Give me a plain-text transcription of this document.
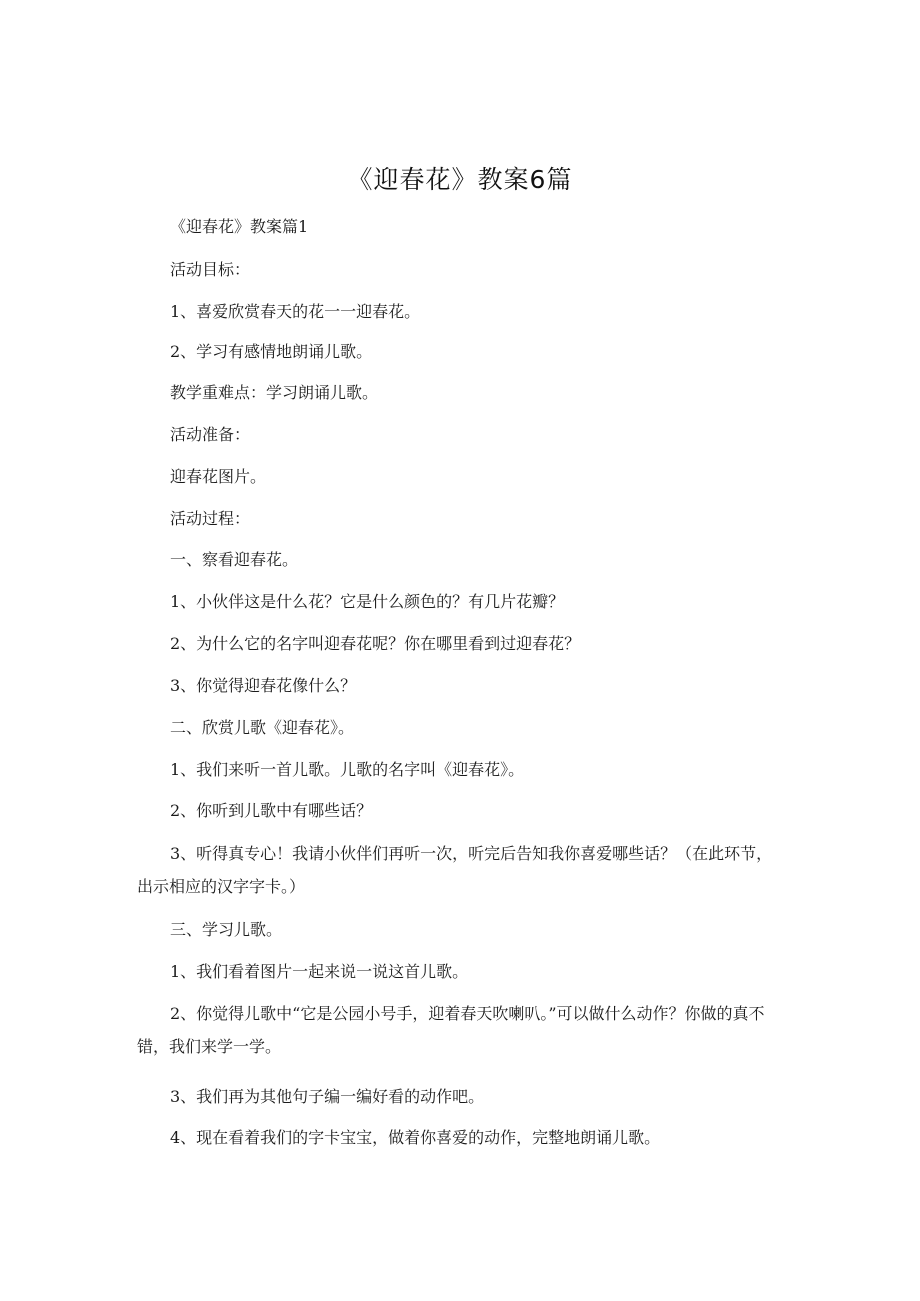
《迎春花》教案6篇

《迎春花》教案篇1

活动目标：

1、喜爱欣赏春天的花一一迎春花。

2、学习有感情地朗诵儿歌。

教学重难点：学习朗诵儿歌。

活动准备：

迎春花图片。

活动过程：

一、察看迎春花。

1、小伙伴这是什么花？它是什么颜色的？有几片花瓣？

2、为什么它的名字叫迎春花呢？你在哪里看到过迎春花？

3、你觉得迎春花像什么？

二、欣赏儿歌《迎春花》。

1、我们来听一首儿歌。儿歌的名字叫《迎春花》。

2、你听到儿歌中有哪些话？

3、听得真专心！我请小伙伴们再听一次，听完后告知我你喜爱哪些话？（在此环节，出示相应的汉字字卡。）

三、学习儿歌。

1、我们看着图片一起来说一说这首儿歌。

2、你觉得儿歌中“它是公园小号手，迎着春天吹喇叭。”可以做什么动作？你做的真不错，我们来学一学。

3、我们再为其他句子编一编好看的动作吧。

4、现在看着我们的字卡宝宝，做着你喜爱的动作，完整地朗诵儿歌。
